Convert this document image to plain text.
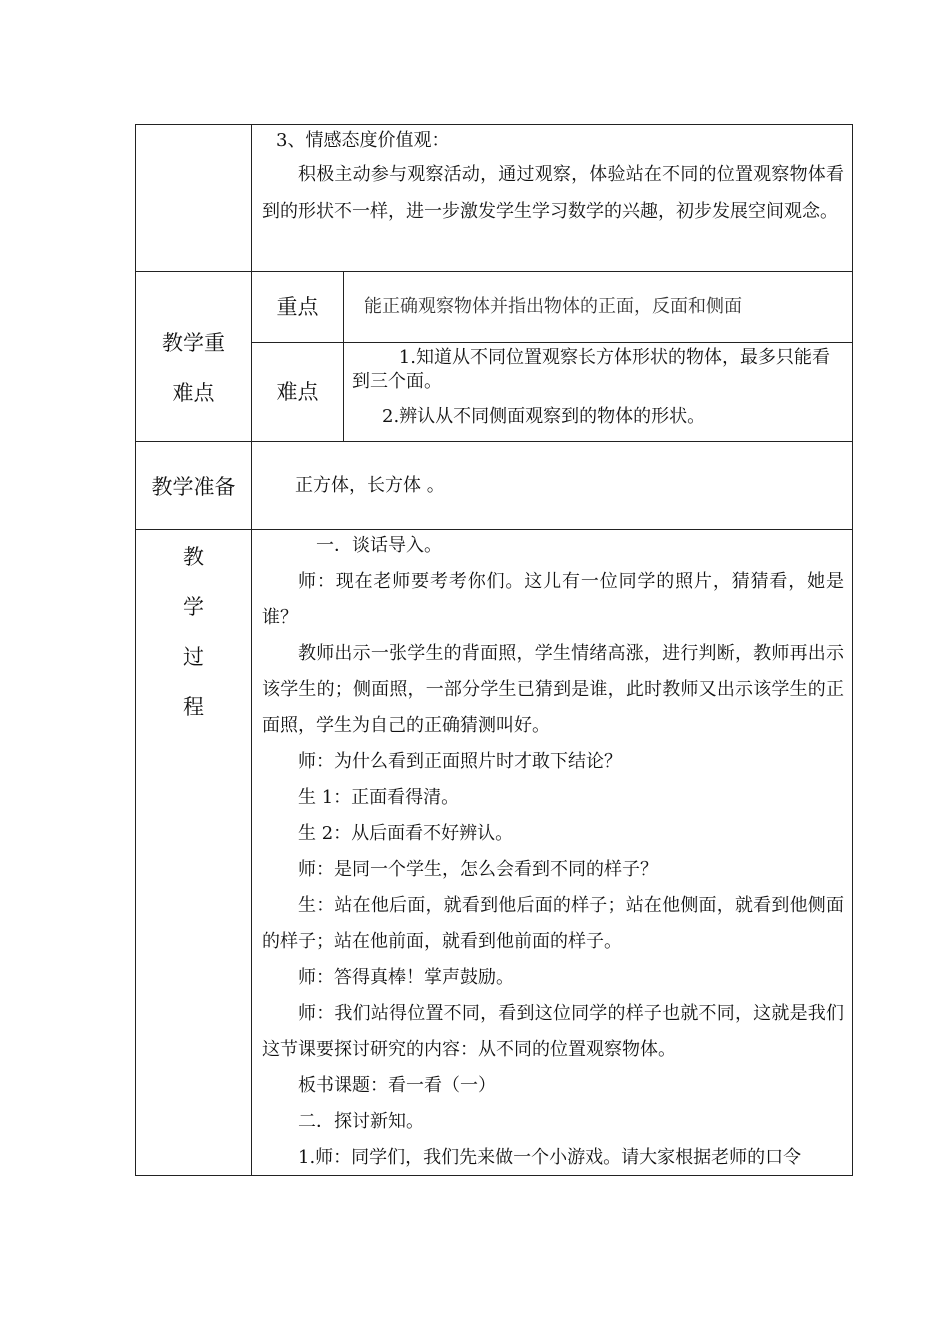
3、情感态度价值观：

积极主动参与观察活动，通过观察，体验站在不同的位置观察物体看到的形状不一样，进一步激发学生学习数学的兴趣，初步发展空间观念。

教学重
难点
重点	能正确观察物体并指出物体的正面，反面和侧面
难点
1.知道从不同位置观察长方体形状的物体，最多只能看到三个面。
2.辨认从不同侧面观察到的物体的形状。
教学准备	正方体，长方体 。
教
学
过
程

一．谈话导入。

师：现在老师要考考你们。这儿有一位同学的照片，猜猜看，她是谁？

教师出示一张学生的背面照，学生情绪高涨，进行判断，教师再出示该学生的；侧面照，一部分学生已猜到是谁，此时教师又出示该学生的正面照，学生为自己的正确猜测叫好。

师：为什么看到正面照片时才敢下结论？

生 1：正面看得清。

生 2：从后面看不好辨认。

师：是同一个学生，怎么会看到不同的样子？

生：站在他后面，就看到他后面的样子；站在他侧面，就看到他侧面的样子；站在他前面，就看到他前面的样子。

师：答得真棒！掌声鼓励。

师：我们站得位置不同，看到这位同学的样子也就不同，这就是我们这节课要探讨研究的内容：从不同的位置观察物体。

板书课题：看一看（一）

二．探讨新知。

1.师：同学们，我们先来做一个小游戏。请大家根据老师的口令
